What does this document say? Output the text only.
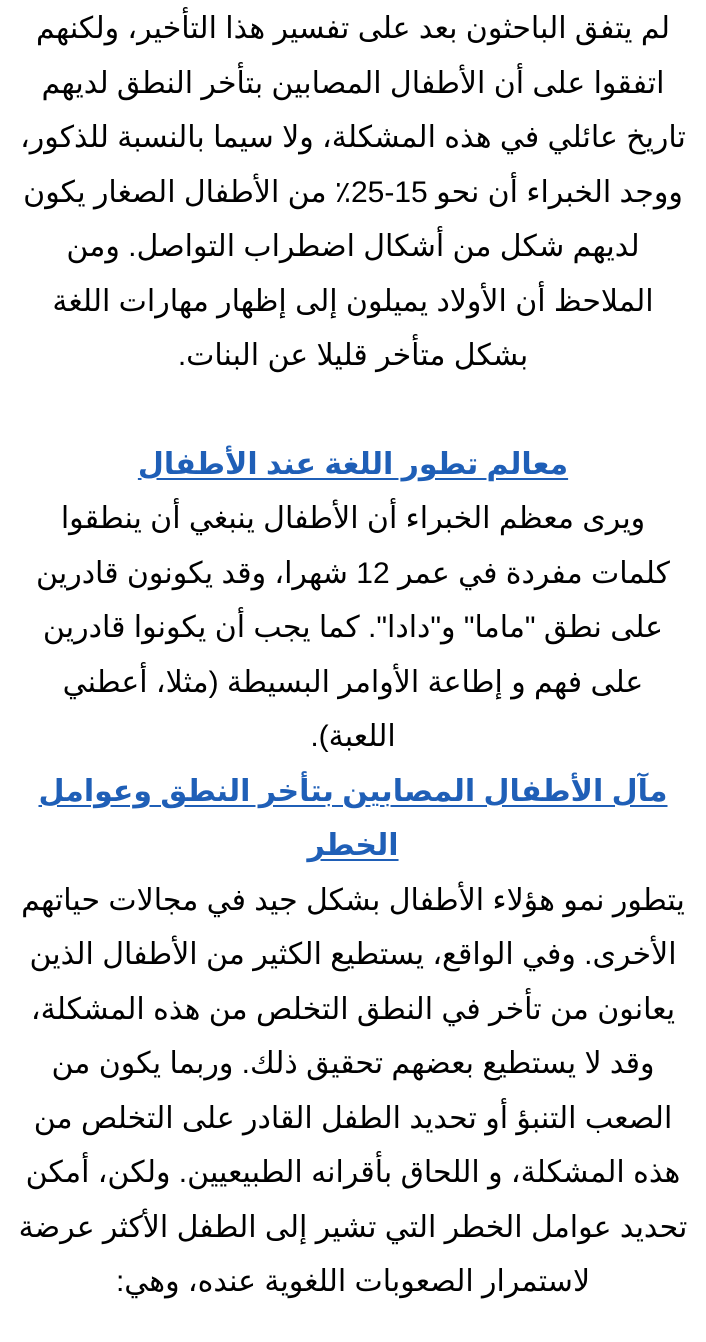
لم يتفق الباحثون بعد على تفسير هذا التأخير، ولكنهم اتفقوا على أن الأطفال المصابين بتأخر النطق لديهم تاريخ عائلي في هذه المشكلة، ولا سيما بالنسبة للذكور، ووجد الخبراء أن نحو 15-25٪ من الأطفال الصغار يكون لديهم شكل من أشكال اضطراب التواصل. ومن الملاحظ أن الأولاد يميلون إلى إظهار مهارات اللغة بشكل متأخر قليلا عن البنات.

معالم تطور اللغة عند الأطفال

ويرى معظم الخبراء أن الأطفال ينبغي أن ينطقوا كلمات مفردة في عمر 12 شهرا، وقد يكونون قادرين على نطق "ماما" و"دادا". كما يجب أن يكونوا قادرين على فهم و إطاعة الأوامر البسيطة (مثلا، أعطني اللعبة).

مآل الأطفال المصابين بتأخر النطق وعوامل الخطر

يتطور نمو هؤلاء الأطفال بشكل جيد في مجالات حياتهم الأخرى. وفي الواقع، يستطيع الكثير من الأطفال الذين يعانون من تأخر في النطق التخلص من هذه المشكلة، وقد لا يستطيع بعضهم تحقيق ذلك. وربما يكون من الصعب التنبؤ أو تحديد الطفل القادر على التخلص من هذه المشكلة، و اللحاق بأقرانه الطبيعيين. ولكن، أمكن تحديد عوامل الخطر التي تشير إلى الطفل الأكثر عرضة لاستمرار الصعوبات اللغوية عنده، وهي:
